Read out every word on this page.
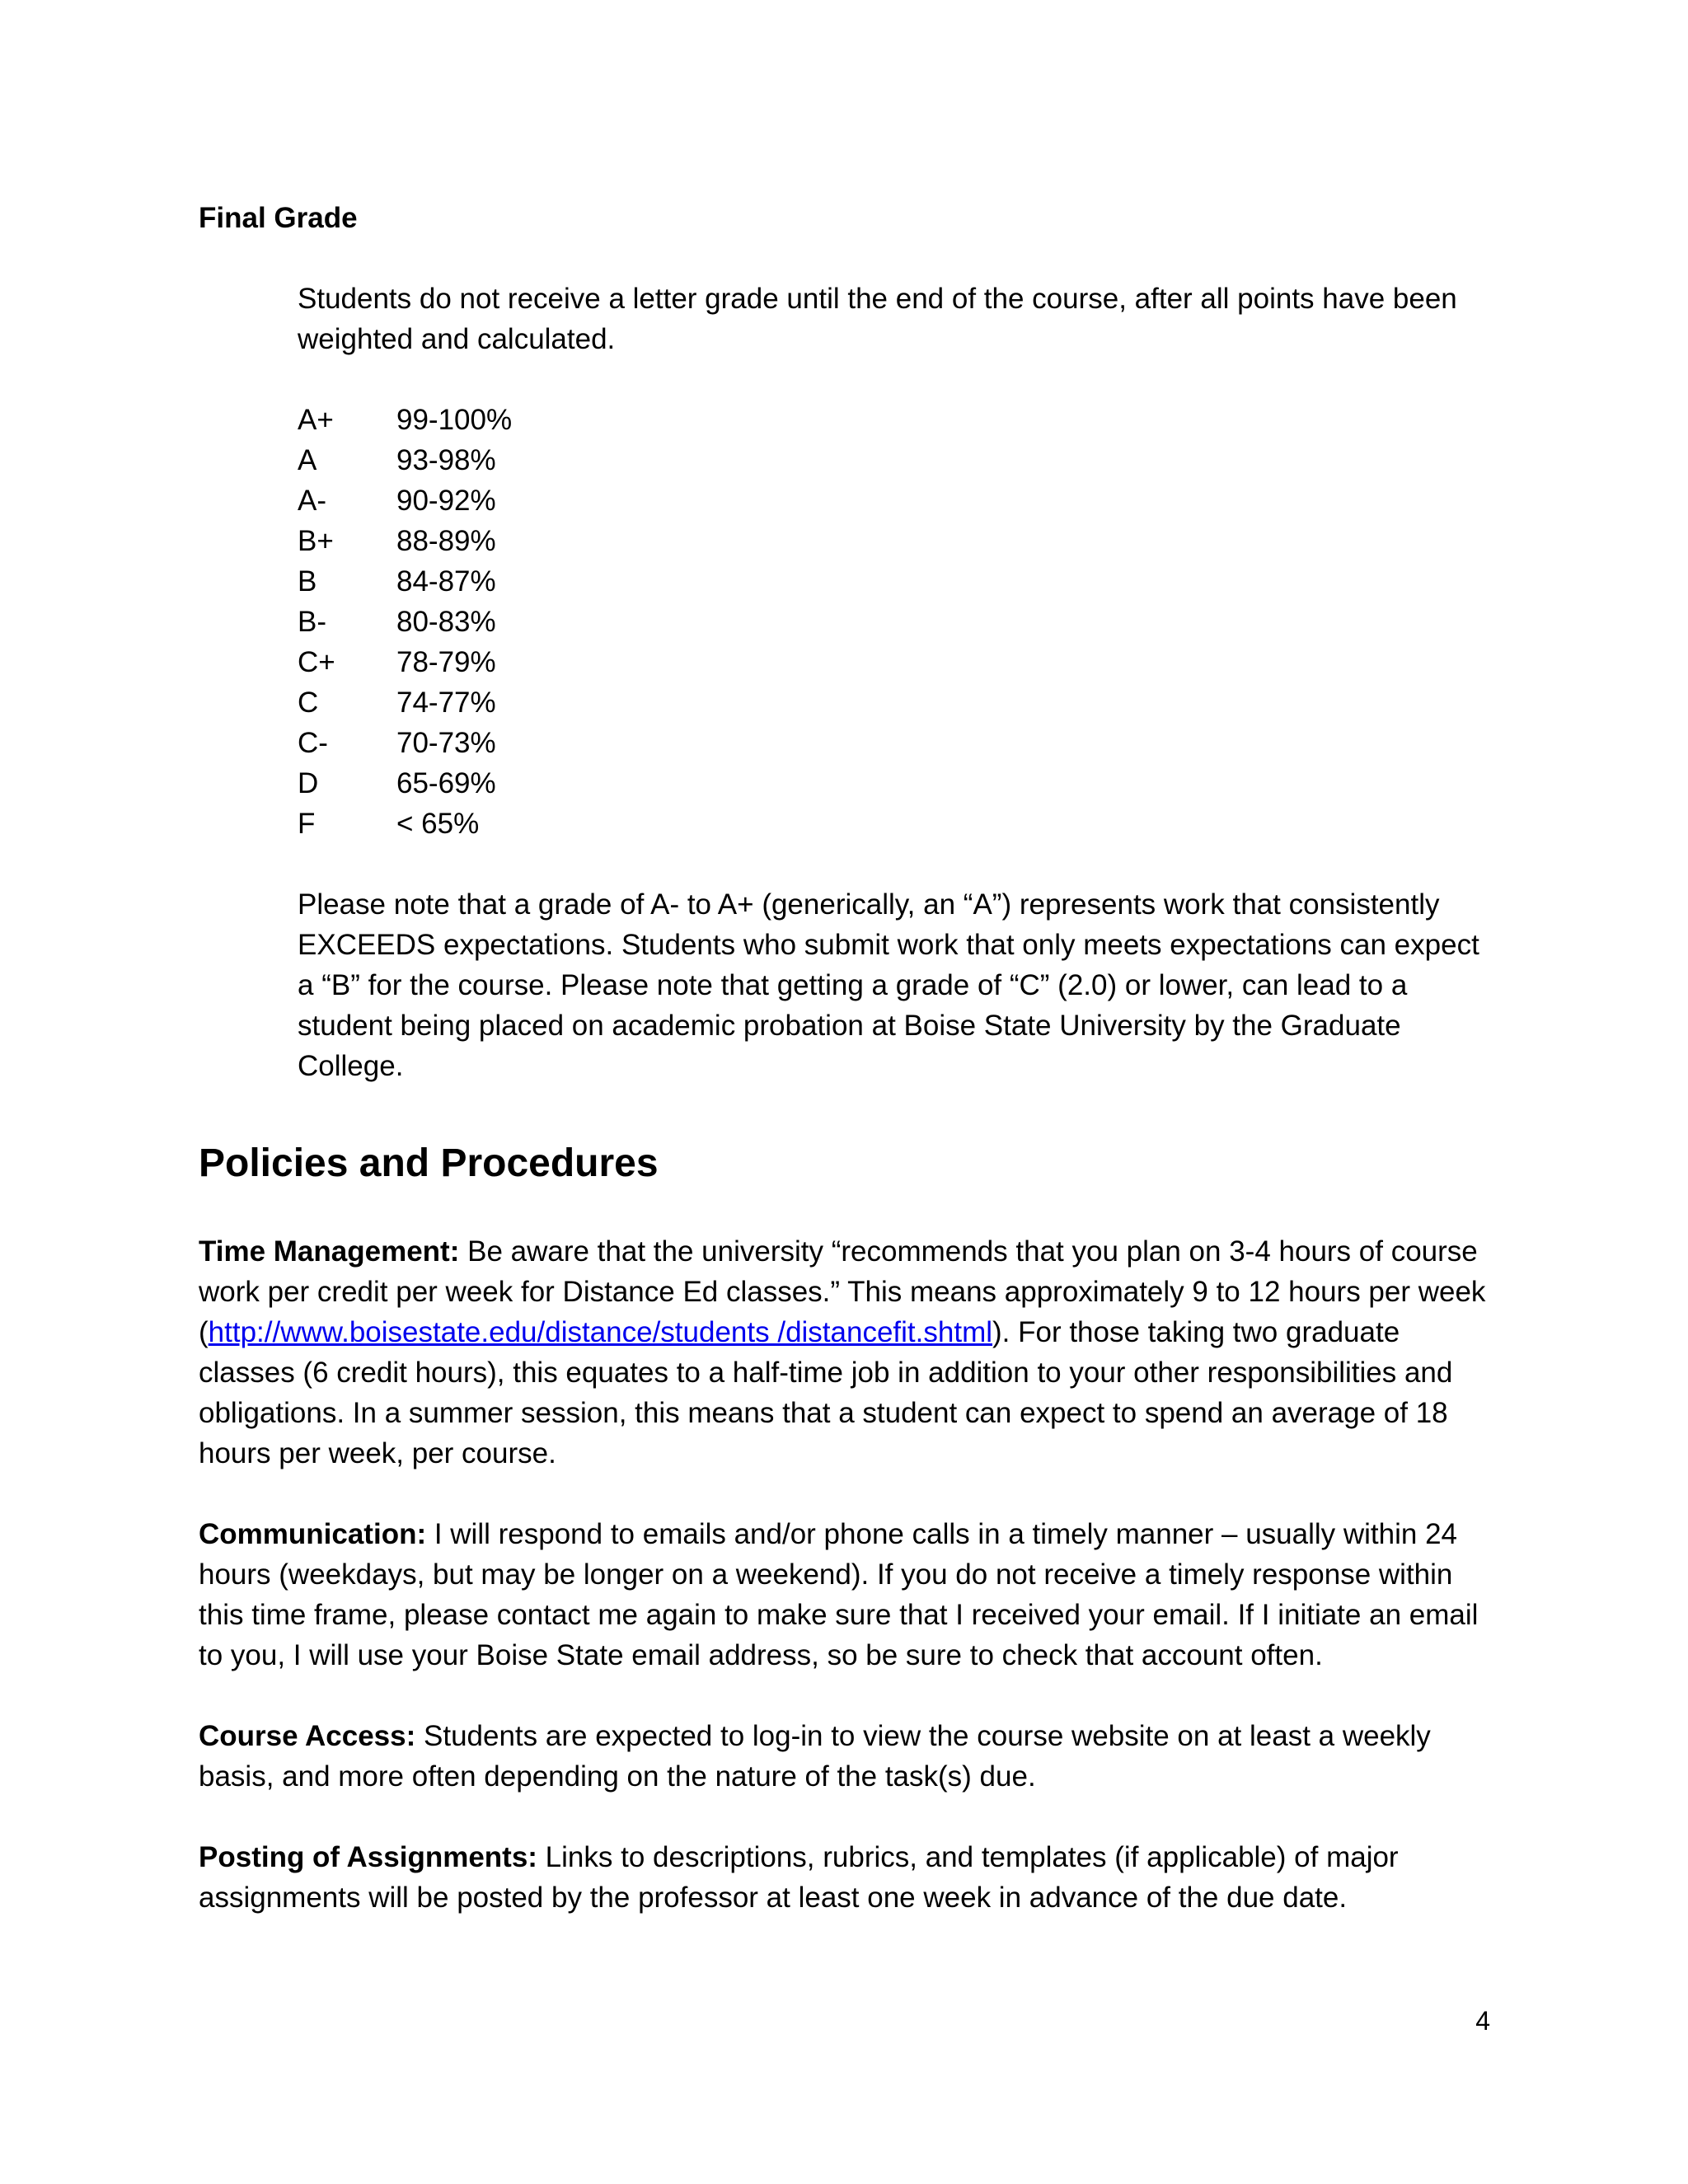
Final Grade

Students do not receive a letter grade until the end of the course, after all points have been weighted and calculated.

A+	99-100%
A	93-98%
A-	90-92%
B+	88-89%
B	84-87%
B-	80-83%
C+	78-79%
C	74-77%
C-	70-73%
D	65-69%
F	< 65%

Please note that a grade of A- to A+ (generically, an “A”) represents work that consistently EXCEEDS expectations. Students who submit work that only meets expectations can expect a “B” for the course. Please note that getting a grade of “C” (2.0) or lower, can lead to a student being placed on academic probation at Boise State University by the Graduate College.

Policies and Procedures

Time Management: Be aware that the university “recommends that you plan on 3-4 hours of course work per credit per week for Distance Ed classes.” This means approximately 9 to 12 hours per week (http://www.boisestate.edu/distance/students /distancefit.shtml). For those taking two graduate classes (6 credit hours), this equates to a half-time job in addition to your other responsibilities and obligations. In a summer session, this means that a student can expect to spend an average of 18 hours per week, per course.

Communication: I will respond to emails and/or phone calls in a timely manner – usually within 24 hours (weekdays, but may be longer on a weekend). If you do not receive a timely response within this time frame, please contact me again to make sure that I received your email. If I initiate an email to you, I will use your Boise State email address, so be sure to check that account often.

Course Access: Students are expected to log-in to view the course website on at least a weekly basis, and more often depending on the nature of the task(s) due.

Posting of Assignments: Links to descriptions, rubrics, and templates (if applicable) of major assignments will be posted by the professor at least one week in advance of the due date.

4
